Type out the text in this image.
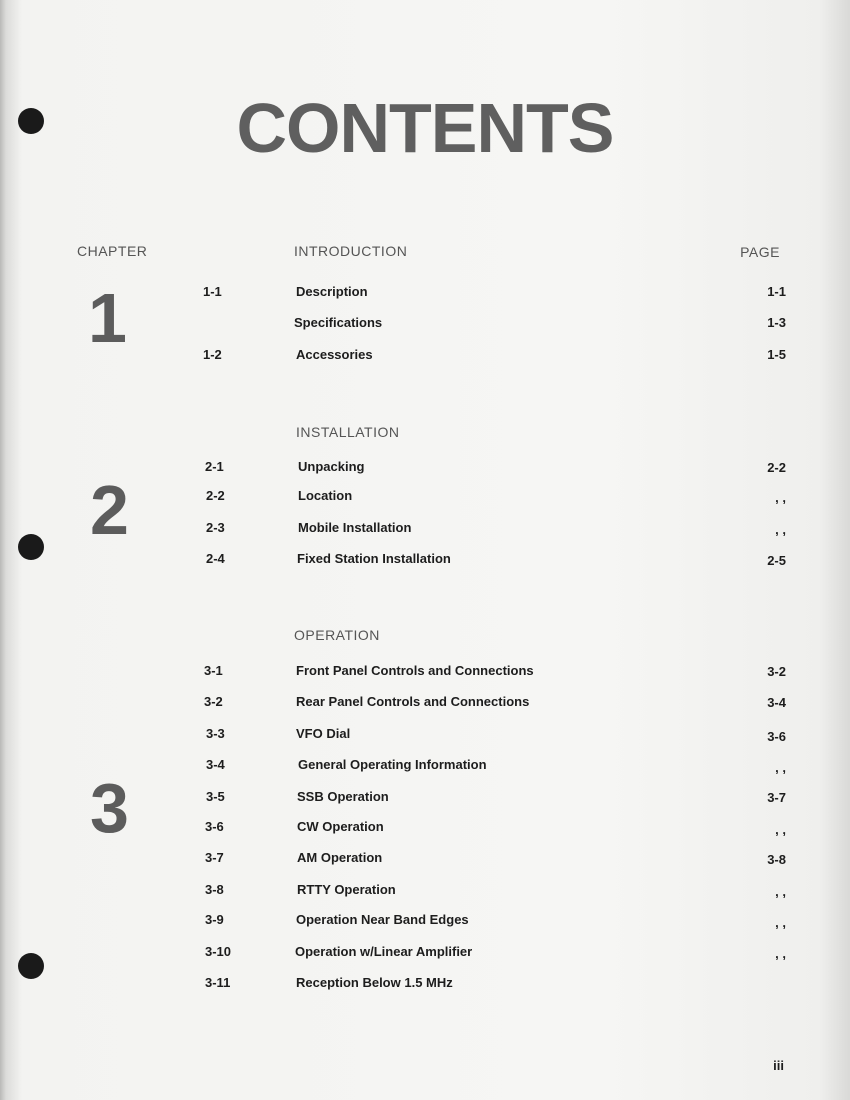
CONTENTS
CHAPTER	PAGE
INTRODUCTION
1	1-1	Description	1-1
Specifications	1-3
1-2	Accessories	1-5
INSTALLATION
2
2-1	Unpacking	2-2
2-2	Location	, ,
2-3	Mobile Installation	, ,
2-4	Fixed Station Installation	2-5
OPERATION
3
3-1	Front Panel Controls and Connections	3-2
3-2	Rear Panel Controls and Connections	3-4
3-3	VFO Dial	3-6
3-4	General Operating Information	, ,
3-5	SSB Operation	3-7
3-6	CW Operation	, ,
3-7	AM Operation	3-8
3-8	RTTY Operation	, ,
3-9	Operation Near Band Edges	, ,
3-10	Operation w/Linear Amplifier	, ,
3-11	Reception Below 1.5 MHz
iii
